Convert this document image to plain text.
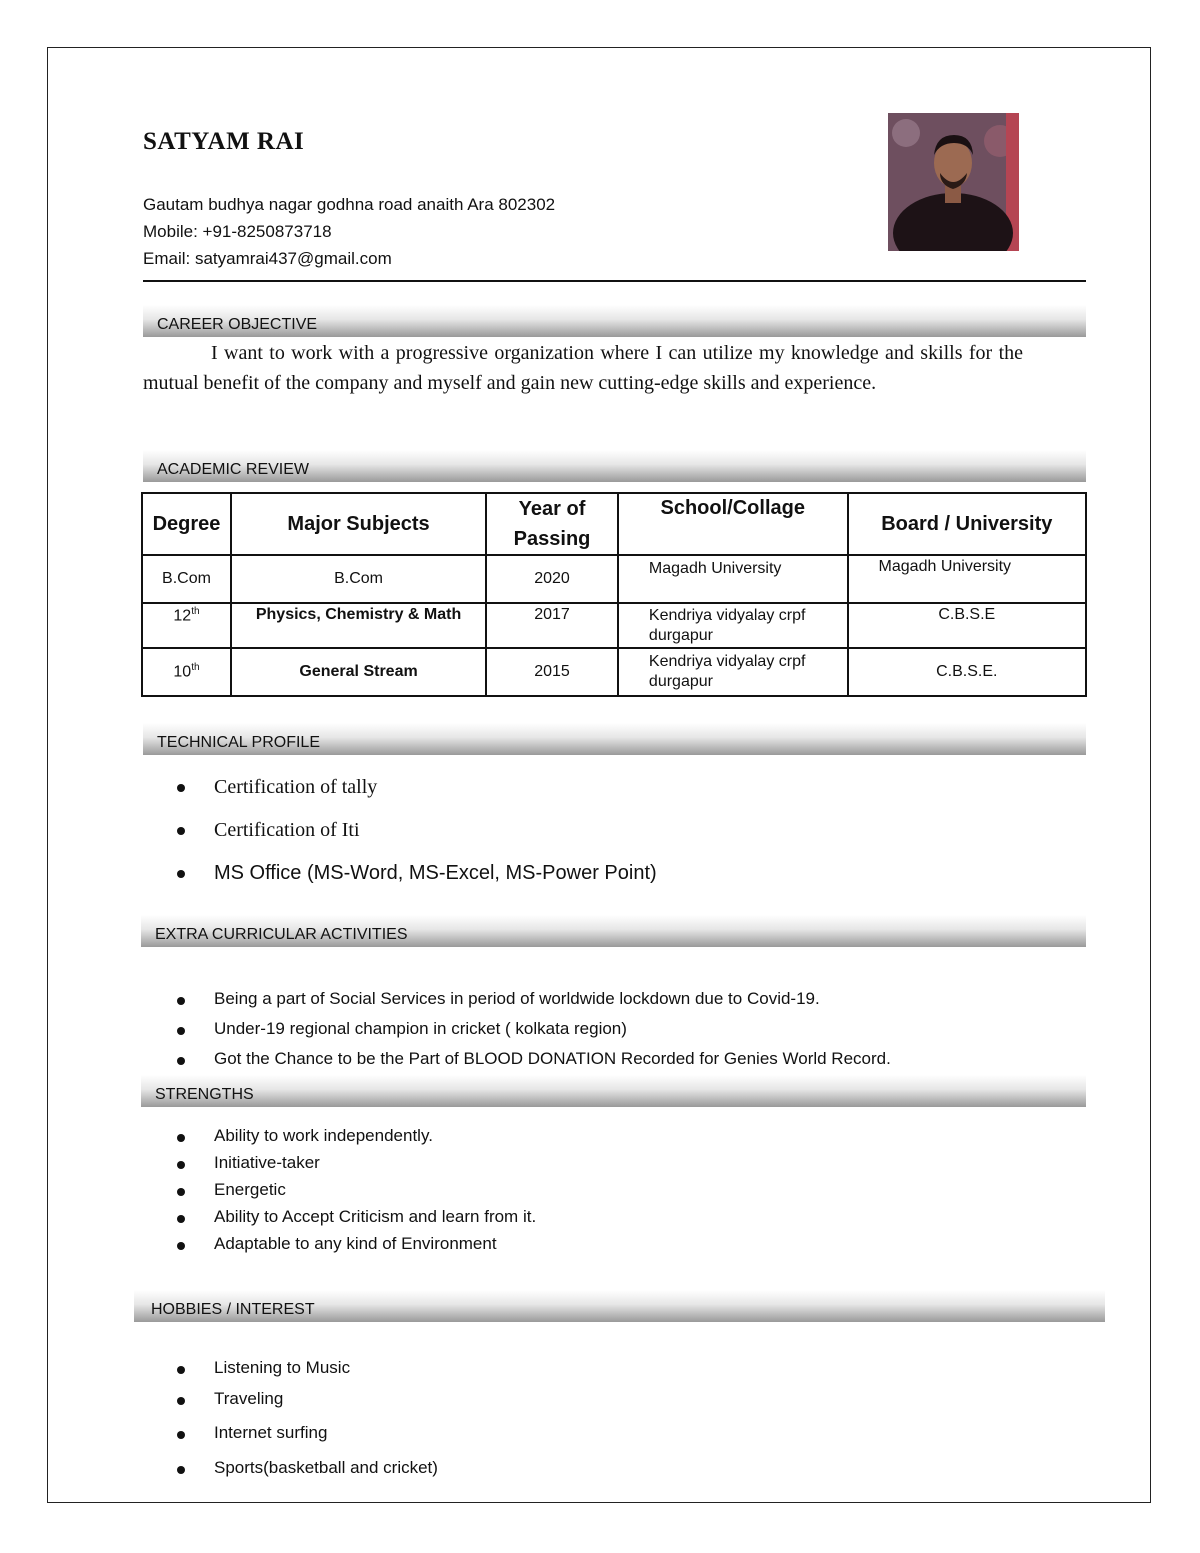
SATYAM RAI
Gautam budhya nagar godhna road anaith Ara 802302
Mobile: +91-8250873718
Email: satyamrai437@gmail.com
CAREER OBJECTIVE
I want to work with a progressive organization where I can utilize my knowledge and skills for the mutual benefit of the company and myself and gain new cutting-edge skills and experience.
ACADEMIC REVIEW
Degree	Major Subjects	Year of Passing	School/Collage	Board / University
B.Com	B.Com	2020	Magadh University	Magadh University
12th	Physics, Chemistry & Math	2017	Kendriya vidyalay crpf durgapur	C.B.S.E
10th	General Stream	2015	Kendriya vidyalay crpf durgapur	C.B.S.E.
TECHNICAL PROFILE
Certification of tally
Certification of Iti
MS Office (MS-Word, MS-Excel, MS-Power Point)
EXTRA CURRICULAR ACTIVITIES
Being a part of Social Services in period of worldwide lockdown due to Covid-19.
Under-19 regional champion in cricket ( kolkata region)
Got the Chance to be the Part of BLOOD DONATION Recorded for Genies World Record.
STRENGTHS
Ability to work independently.
Initiative-taker
Energetic
Ability to Accept Criticism and learn from it.
Adaptable to any kind of Environment
HOBBIES / INTEREST
Listening to Music
Traveling
Internet surfing
Sports(basketball and cricket)
